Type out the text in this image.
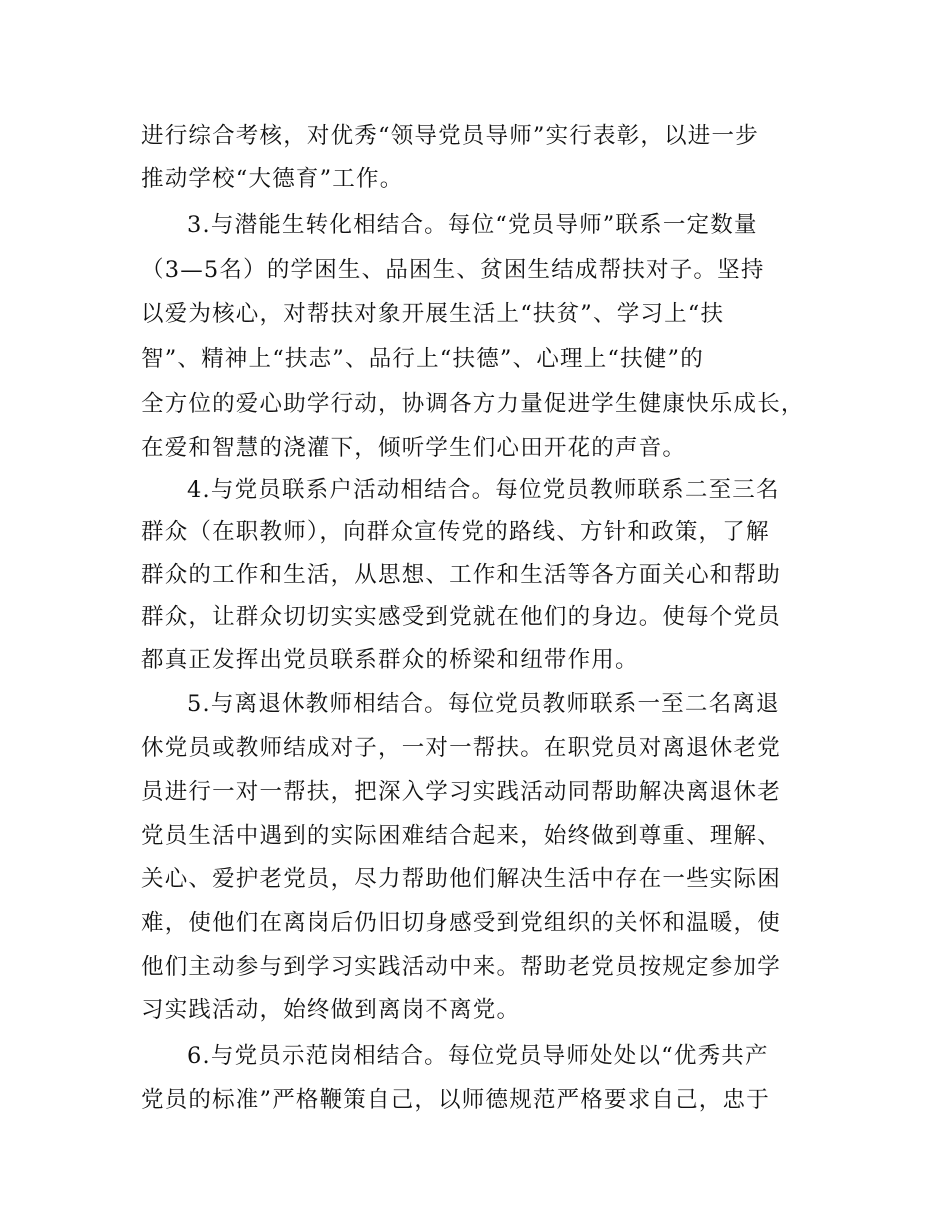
进行综合考核，对优秀“领导党员导师”实行表彰，以进一步
推动学校“大德育”工作。
3.与潜能生转化相结合。每位“党员导师”联系一定数量
（3—5名）的学困生、品困生、贫困生结成帮扶对子。坚持
以爱为核心，对帮扶对象开展生活上“扶贫”、学习上“扶
智”、精神上“扶志”、品行上“扶德”、心理上“扶健”的
全方位的爱心助学行动，协调各方力量促进学生健康快乐成长，
在爱和智慧的浇灌下，倾听学生们心田开花的声音。
4.与党员联系户活动相结合。每位党员教师联系二至三名
群众（在职教师），向群众宣传党的路线、方针和政策，了解
群众的工作和生活，从思想、工作和生活等各方面关心和帮助
群众，让群众切切实实感受到党就在他们的身边。使每个党员
都真正发挥出党员联系群众的桥梁和纽带作用。
5.与离退休教师相结合。每位党员教师联系一至二名离退
休党员或教师结成对子，一对一帮扶。在职党员对离退休老党
员进行一对一帮扶，把深入学习实践活动同帮助解决离退休老
党员生活中遇到的实际困难结合起来，始终做到尊重、理解、
关心、爱护老党员，尽力帮助他们解决生活中存在一些实际困
难，使他们在离岗后仍旧切身感受到党组织的关怀和温暖，使
他们主动参与到学习实践活动中来。帮助老党员按规定参加学
习实践活动，始终做到离岗不离党。
6.与党员示范岗相结合。每位党员导师处处以“优秀共产
党员的标准”严格鞭策自己，以师德规范严格要求自己，忠于
